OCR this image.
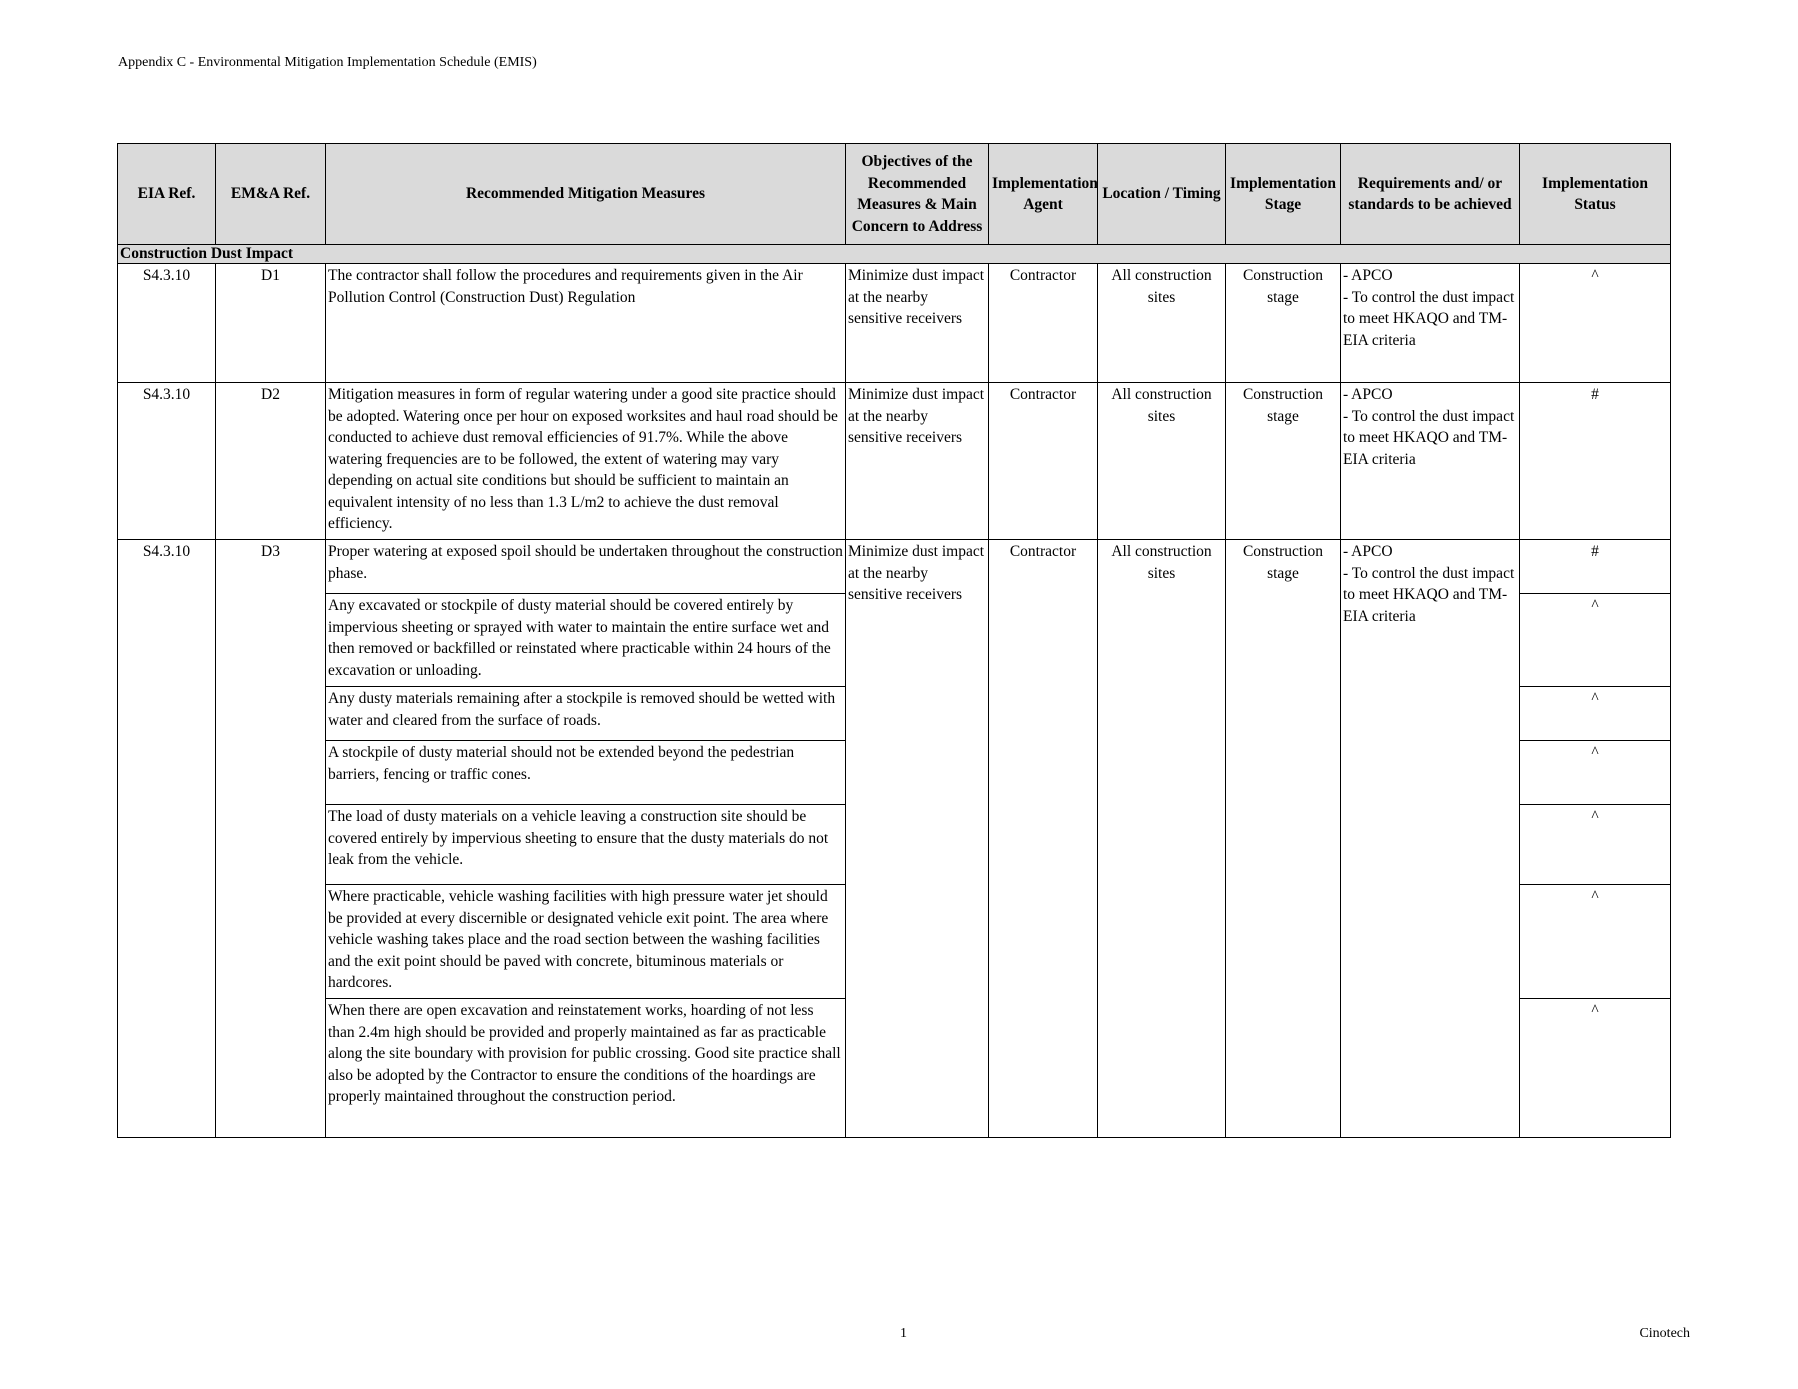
Appendix C - Environmental Mitigation Implementation Schedule (EMIS)
EIA Ref.	EM&A Ref.	Recommended Mitigation Measures	Objectives of the Recommended Measures & Main Concern to Address	Implementation Agent	Location / Timing	Implementation Stage	Requirements and/ or standards to be achieved	Implementation Status
Construction Dust Impact								
S4.3.10	D1	The contractor shall follow the procedures and requirements given in the Air Pollution Control (Construction Dust) Regulation	Minimize dust impact at the nearby sensitive receivers	Contractor	All construction sites	Construction stage	- APCO
- To control the dust impact to meet HKAQO and TM-EIA criteria	^
S4.3.10	D2	Mitigation measures in form of regular watering under a good site practice should be adopted. Watering once per hour on exposed worksites and haul road should be conducted to achieve dust removal efficiencies of 91.7%. While the above watering frequencies are to be followed, the extent of watering may vary depending on actual site conditions but should be sufficient to maintain an equivalent intensity of no less than 1.3 L/m2 to achieve the dust removal efficiency.	Minimize dust impact at the nearby sensitive receivers	Contractor	All construction sites	Construction stage	- APCO
- To control the dust impact to meet HKAQO and TM-EIA criteria	#
S4.3.10	D3	Proper watering at exposed spoil should be undertaken throughout the construction phase.	Minimize dust impact at the nearby sensitive receivers	Contractor	All construction sites	Construction stage	- APCO
- To control the dust impact to meet HKAQO and TM-EIA criteria	#
		Any excavated or stockpile of dusty material should be covered entirely by impervious sheeting or sprayed with water to maintain the entire surface wet and then removed or backfilled or reinstated where practicable within 24 hours of the excavation or unloading.						^
		Any dusty materials remaining after a stockpile is removed should be wetted with water and cleared from the surface of roads.						^
		A stockpile of dusty material should not be extended beyond the pedestrian barriers, fencing or traffic cones.						^
		The load of dusty materials on a vehicle leaving a construction site should be covered entirely by impervious sheeting to ensure that the dusty materials do not leak from the vehicle.						^
		Where practicable, vehicle washing facilities with high pressure water jet should be provided at every discernible or designated vehicle exit point. The area where vehicle washing takes place and the road section between the washing facilities and the exit point should be paved with concrete, bituminous materials or hardcores.						^
		When there are open excavation and reinstatement works, hoarding of not less than 2.4m high should be provided and properly maintained as far as practicable along the site boundary with provision for public crossing. Good site practice shall also be adopted by the Contractor to ensure the conditions of the hoardings are properly maintained throughout the construction period.						^
1	Cinotech
